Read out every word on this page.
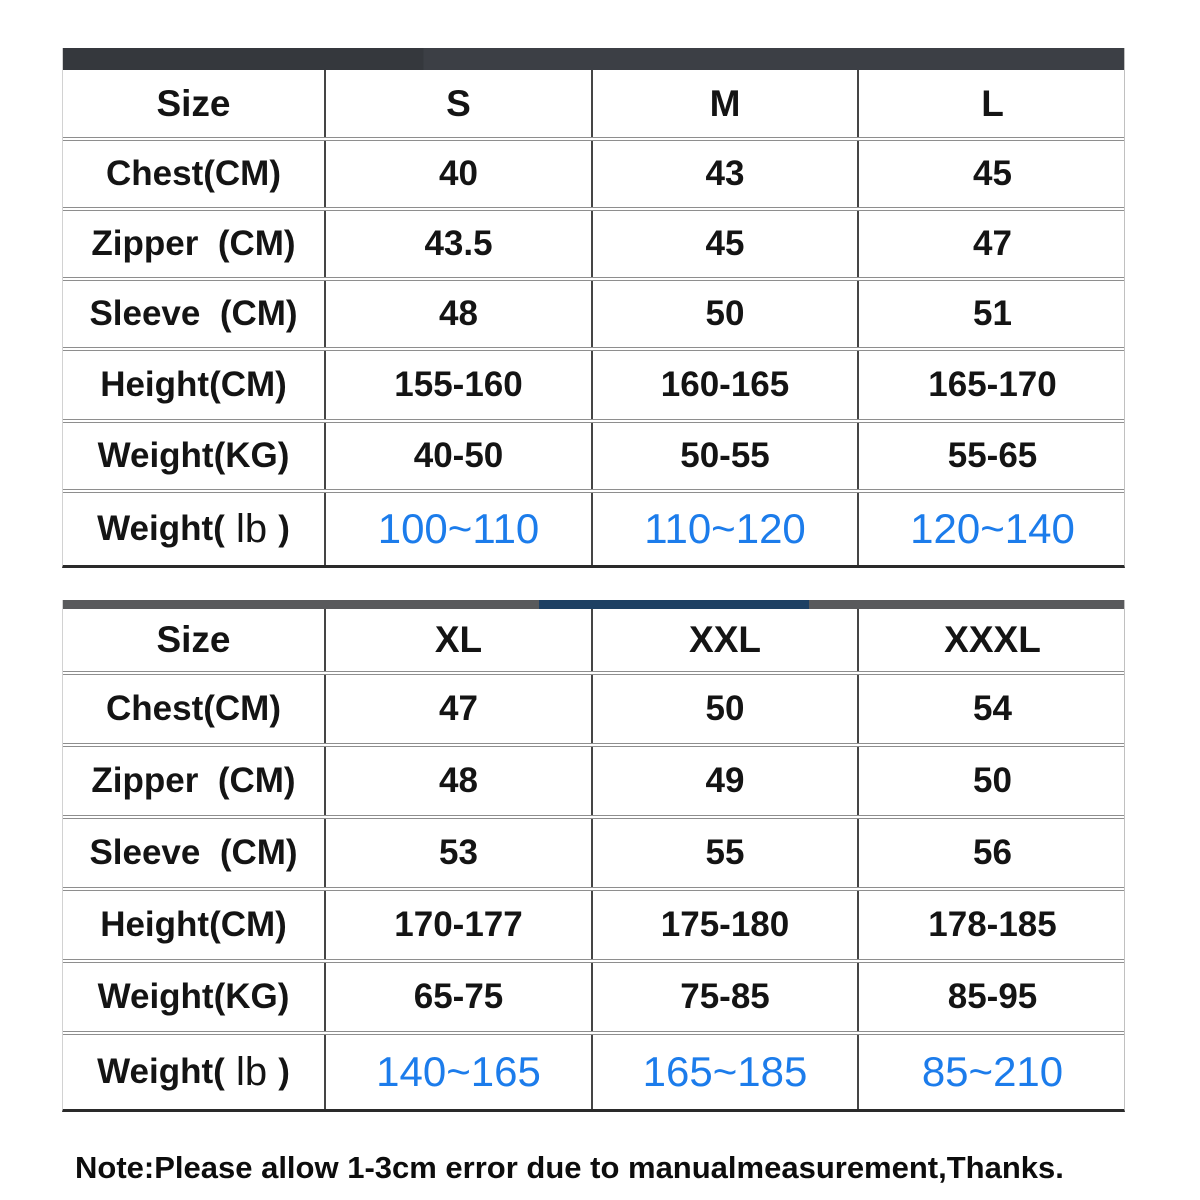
Size	S	M	L
Chest(CM)	40	43	45
Zipper  (CM)	43.5	45	47
Sleeve  (CM)	48	50	51
Height(CM)	155-160	160-165	165-170
Weight(KG)	40-50	50-55	55-65
Weight( lb )	100~110	110~120	120~140
Size	XL	XXL	XXXL
Chest(CM)	47	50	54
Zipper  (CM)	48	49	50
Sleeve  (CM)	53	55	56
Height(CM)	170-177	175-180	178-185
Weight(KG)	65-75	75-85	85-95
Weight( lb )	140~165	165~185	85~210

Note:Please allow 1-3cm error due to manualmeasurement,Thanks.
